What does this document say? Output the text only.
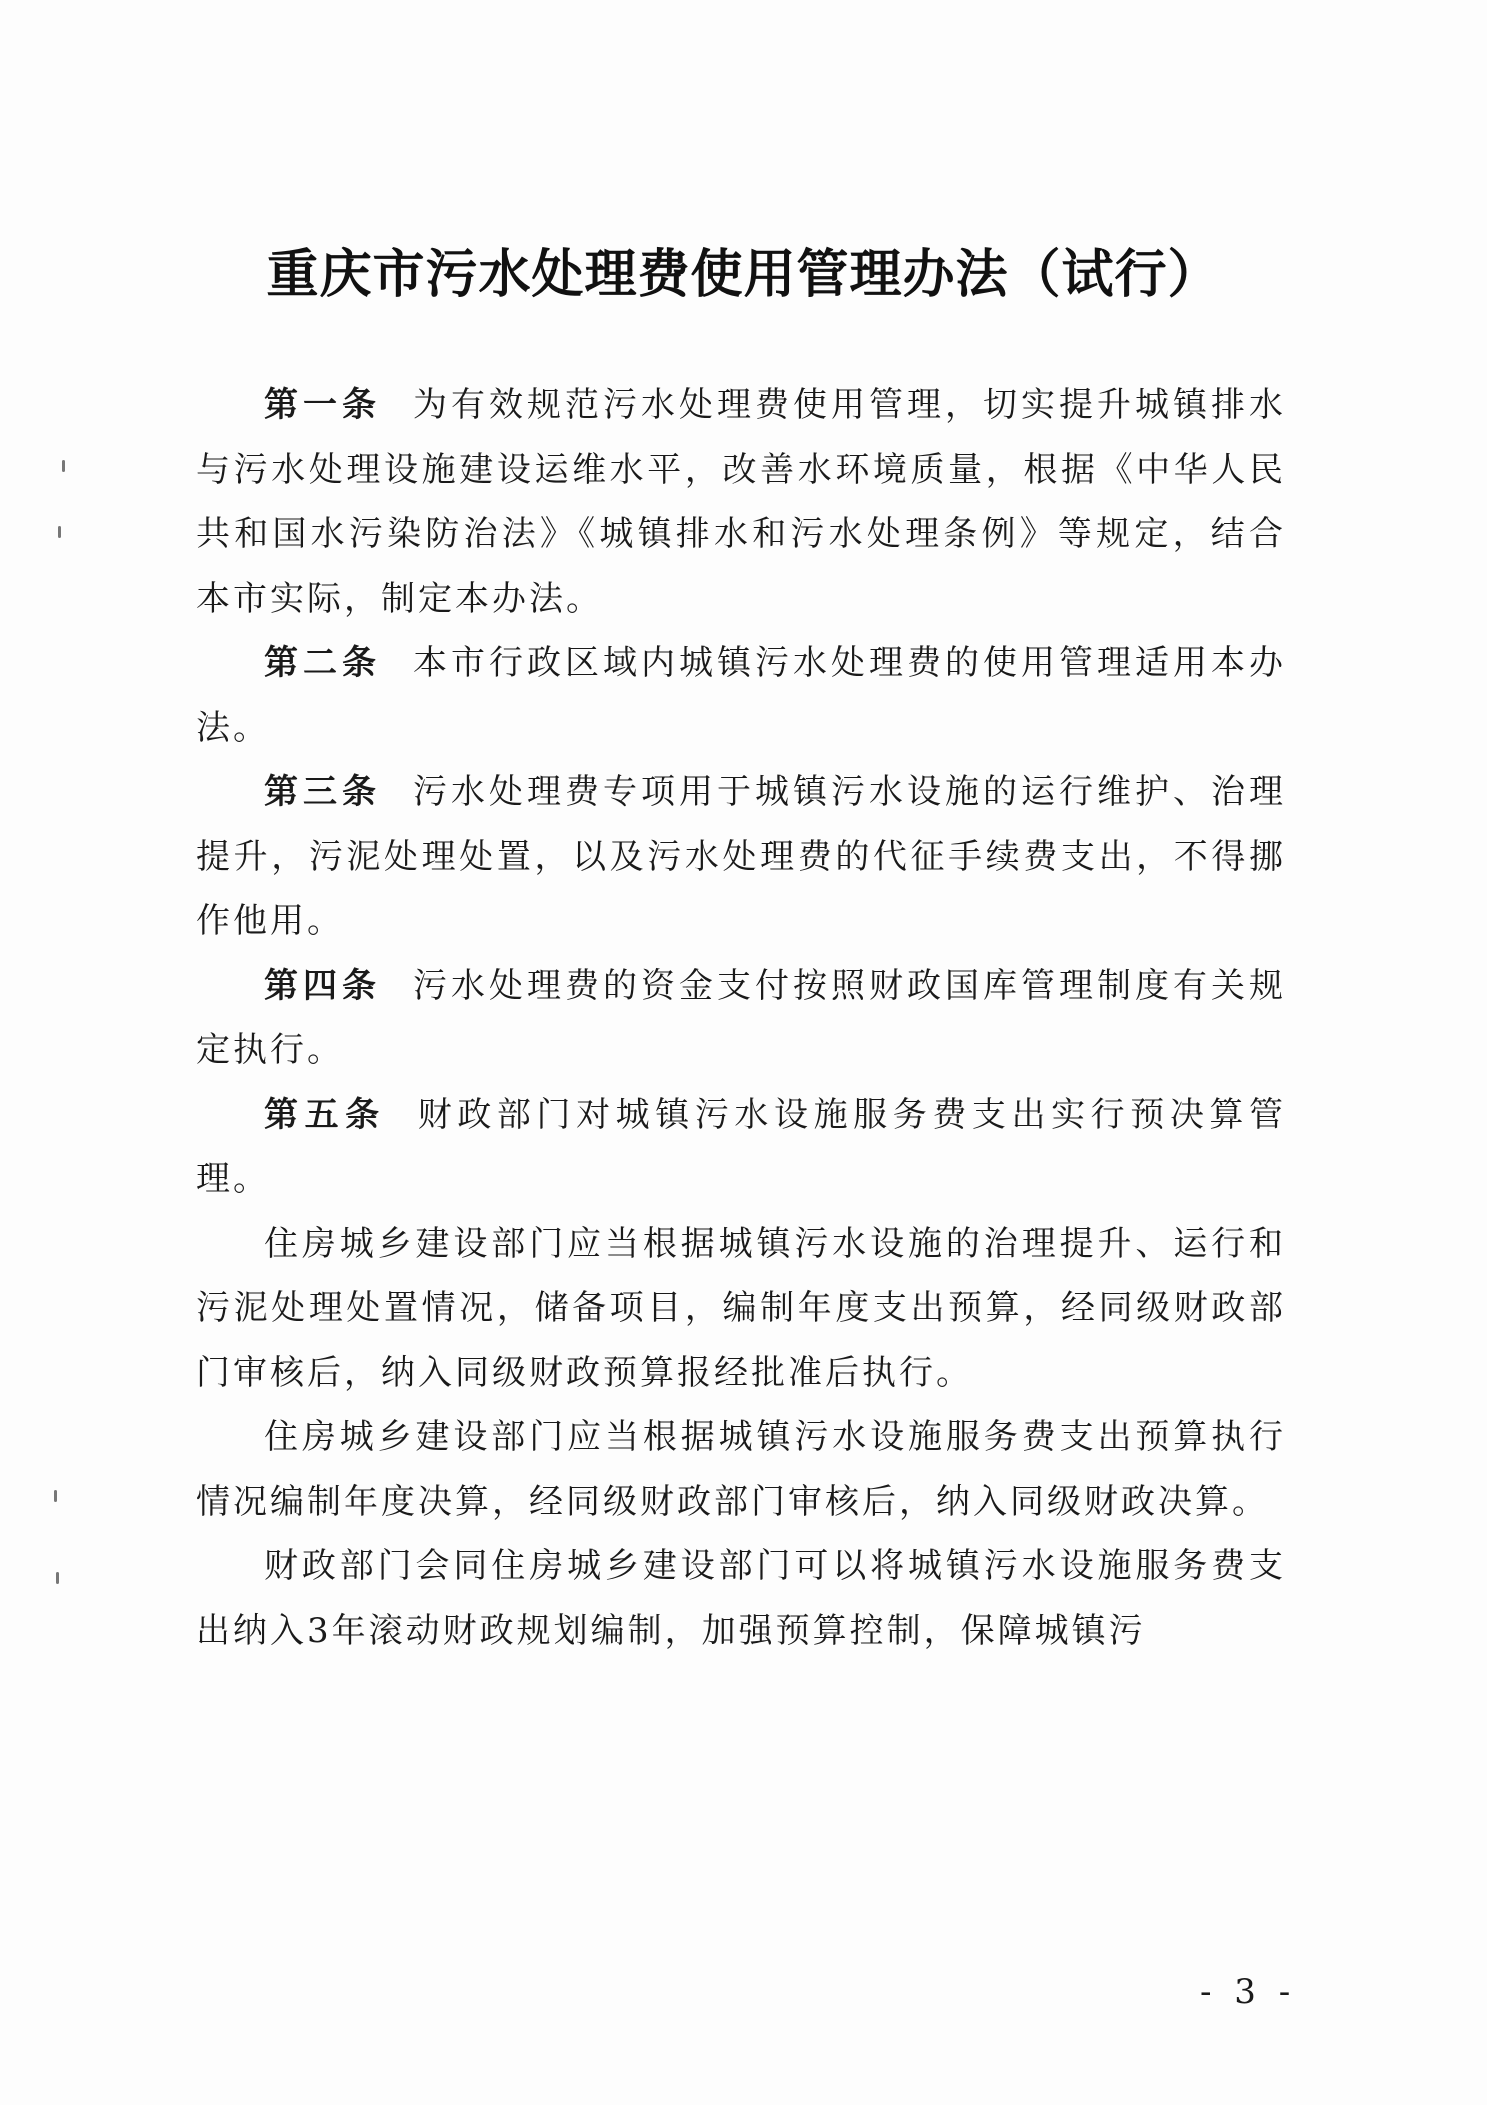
重庆市污水处理费使用管理办法（试行）

第一条 为有效规范污水处理费使用管理，切实提升城镇排水与污水处理设施建设运维水平，改善水环境质量，根据《中华人民共和国水污染防治法》《城镇排水和污水处理条例》等规定，结合本市实际，制定本办法。

第二条 本市行政区域内城镇污水处理费的使用管理适用本办法。

第三条 污水处理费专项用于城镇污水设施的运行维护、治理提升，污泥处理处置，以及污水处理费的代征手续费支出，不得挪作他用。

第四条 污水处理费的资金支付按照财政国库管理制度有关规定执行。

第五条 财政部门对城镇污水设施服务费支出实行预决算管理。

住房城乡建设部门应当根据城镇污水设施的治理提升、运行和污泥处理处置情况，储备项目，编制年度支出预算，经同级财政部门审核后，纳入同级财政预算报经批准后执行。

住房城乡建设部门应当根据城镇污水设施服务费支出预算执行情况编制年度决算，经同级财政部门审核后，纳入同级财政决算。

财政部门会同住房城乡建设部门可以将城镇污水设施服务费支出纳入3年滚动财政规划编制，加强预算控制，保障城镇污

- 3 -
